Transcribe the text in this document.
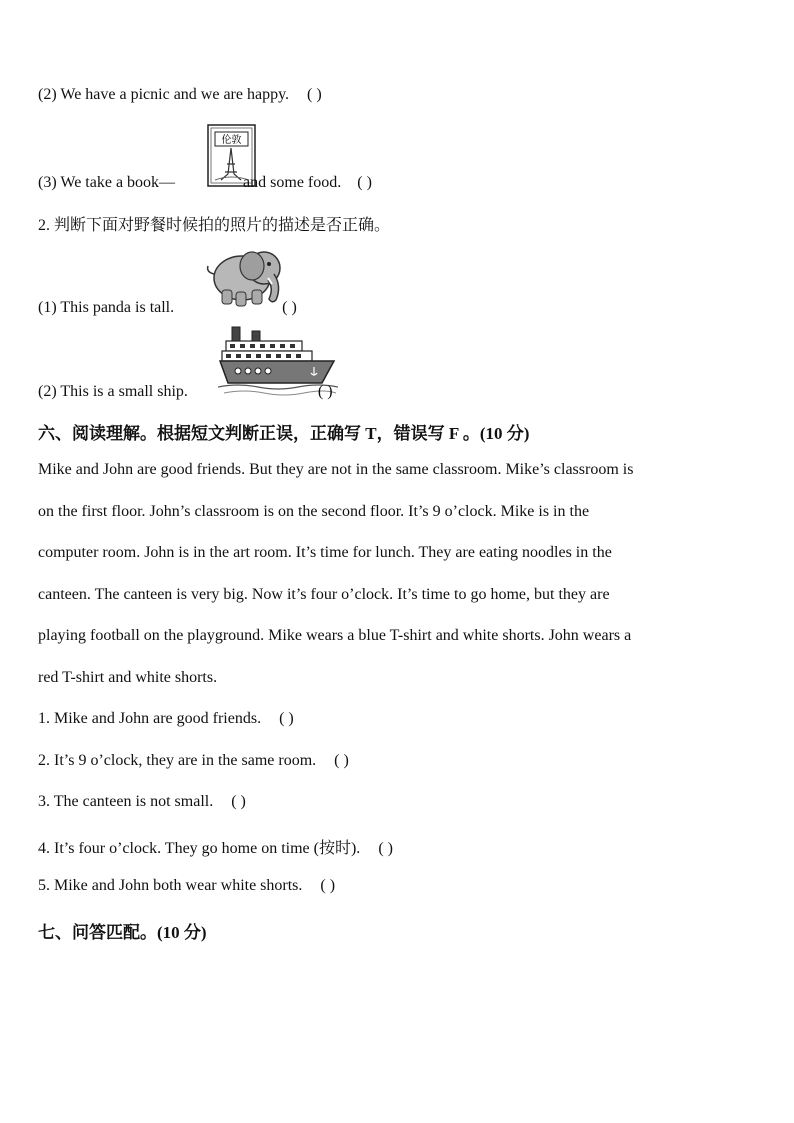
(2) We have a picnic and we are happy. ( )
伦敦
(3) We take a book—	and some food. ( )
2. 判断下面对野餐时候拍的照片的描述是否正确。
(1) This panda is tall.	( )
(2) This is a small ship.	( )
六、阅读理解。根据短文判断正误，正确写 T，错误写 F 。(10 分)
Mike and John are good friends. But they are not in the same classroom. Mike’s classroom is
on the first floor. John’s classroom is on the second floor. It’s 9 o’clock. Mike is in the
computer room. John is in the art room. It’s time for lunch. They are eating noodles in the
canteen. The canteen is very big. Now it’s four o’clock. It’s time to go home, but they are
playing football on the playground. Mike wears a blue T-shirt and white shorts. John wears a
red T-shirt and white shorts.
1. Mike and John are good friends. ( )
2. It’s 9 o’clock, they are in the same room. ( )
3. The canteen is not small. ( )
4. It’s four o’clock. They go home on time (按时). ( )
5. Mike and John both wear white shorts. ( )
七、问答匹配。(10 分)
